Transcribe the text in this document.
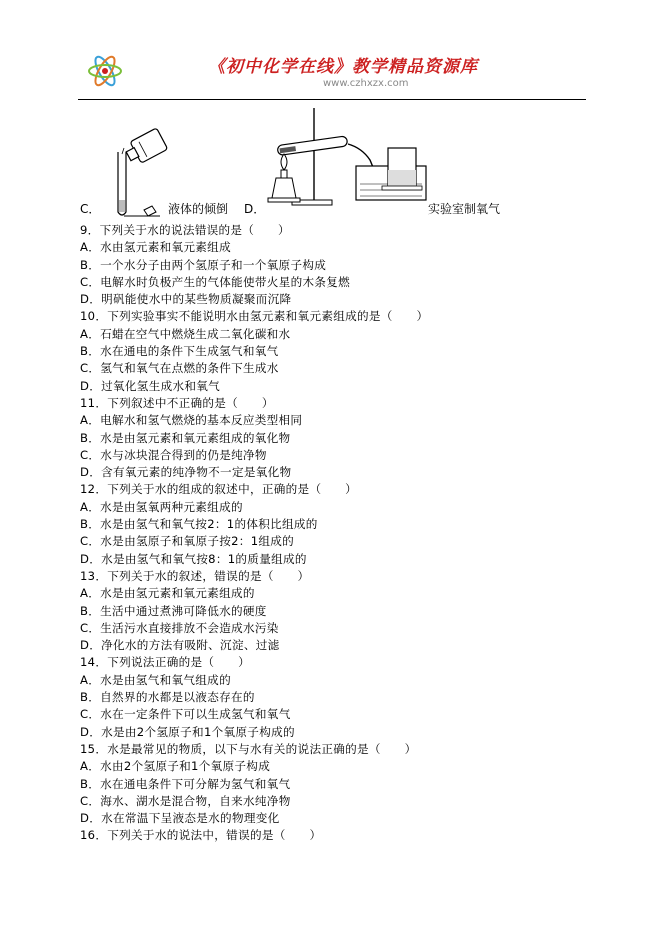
《初中化学在线》教学精品资源库
www.czhxzx.com
C．	液体的倾倒 D．	实验室制氧气
9．下列关于水的说法错误的是（　　）
A．水由氢元素和氧元素组成
B．一个水分子由两个氢原子和一个氧原子构成
C．电解水时负极产生的气体能使带火星的木条复燃
D．明矾能使水中的某些物质凝聚而沉降
10．下列实验事实不能说明水由氢元素和氧元素组成的是（　　）
A．石蜡在空气中燃烧生成二氧化碳和水
B．水在通电的条件下生成氢气和氧气
C．氢气和氧气在点燃的条件下生成水
D．过氧化氢生成水和氧气
11．下列叙述中不正确的是（　　）
A．电解水和氢气燃烧的基本反应类型相同
B．水是由氢元素和氧元素组成的氧化物
C．水与冰块混合得到的仍是纯净物
D．含有氧元素的纯净物不一定是氧化物
12．下列关于水的组成的叙述中，正确的是（　　）
A．水是由氢氧两种元素组成的
B．水是由氢气和氧气按2：1的体积比组成的
C．水是由氢原子和氧原子按2：1组成的
D．水是由氢气和氧气按8：1的质量组成的
13．下列关于水的叙述，错误的是（　　）
A．水是由氢元素和氧元素组成的
B．生活中通过煮沸可降低水的硬度
C．生活污水直接排放不会造成水污染
D．净化水的方法有吸附、沉淀、过滤
14．下列说法正确的是（　　）
A．水是由氢气和氧气组成的
B．自然界的水都是以液态存在的
C．水在一定条件下可以生成氢气和氧气
D．水是由2个氢原子和1个氧原子构成的
15．水是最常见的物质，以下与水有关的说法正确的是（　　）
A．水由2个氢原子和1个氧原子构成
B．水在通电条件下可分解为氢气和氧气
C．海水、湖水是混合物，自来水纯净物
D．水在常温下呈液态是水的物理变化
16．下列关于水的说法中，错误的是（　　）
